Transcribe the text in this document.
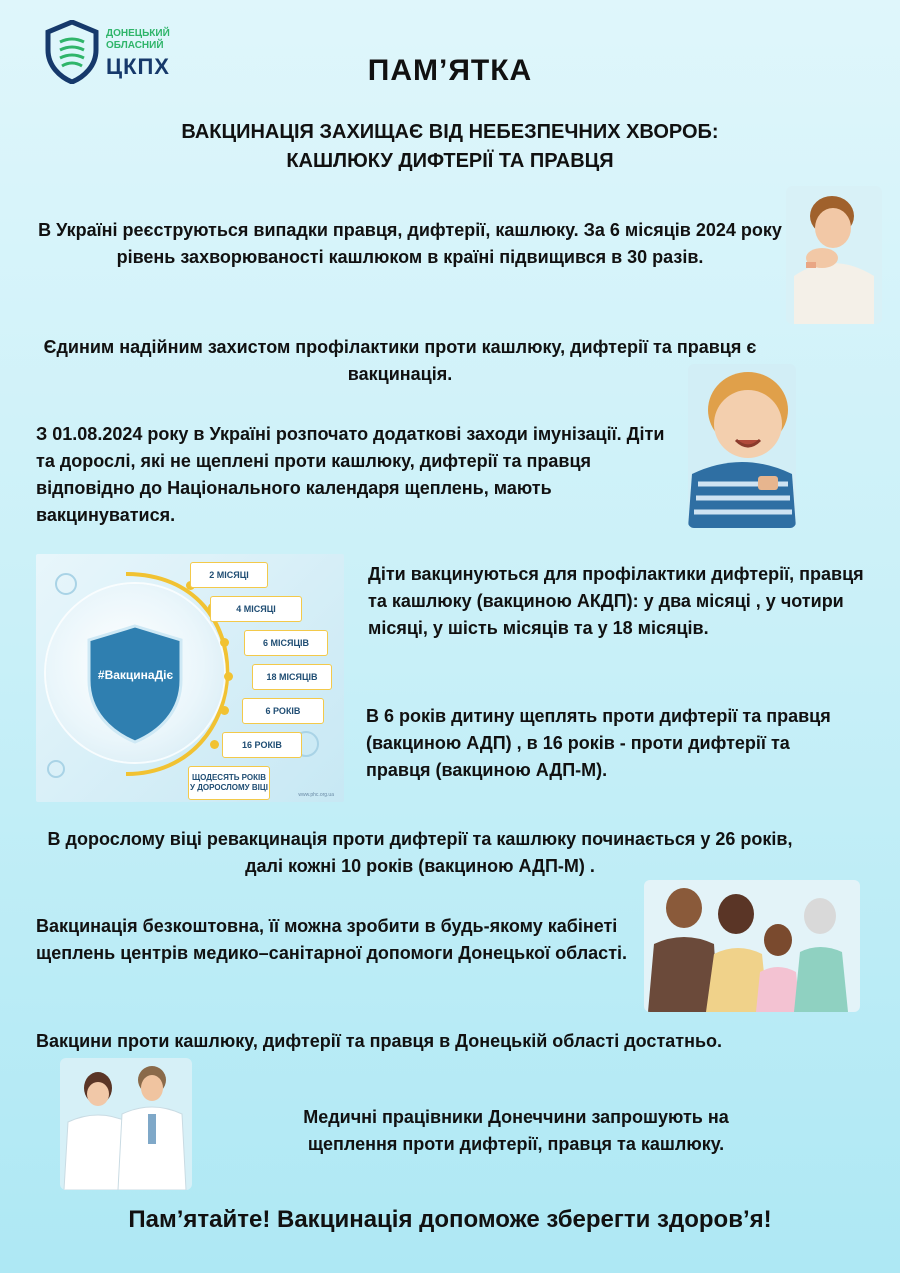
ДОНЕЦЬКИЙ ОБЛАСНИЙ
ЦКПХ	ПАМ’ЯТКА
ВАКЦИНАЦІЯ ЗАХИЩАЄ ВІД НЕБЕЗПЕЧНИХ ХВОРОБ:
КАШЛЮКУ ДИФТЕРІЇ ТА ПРАВЦЯ
В Україні реєструються випадки правця, дифтерії, кашлюку. За 6 місяців 2024 року рівень захворюваності кашлюком в країні підвищився в 30 разів.
Єдиним надійним захистом профілактики проти кашлюку, дифтерії та правця є вакцинація.
З 01.08.2024 року в Україні розпочато додаткові заходи імунізації. Діти та дорослі, які не щеплені проти кашлюку, дифтерії та правця відповідно до Національного календаря щеплень, мають вакцинуватися.
#ВакцинаДіє
2 МІСЯЦІ
4 МІСЯЦІ
6 МІСЯЦІВ
18 МІСЯЦІВ
6 РОКІВ
16 РОКІВ
ЩОДЕСЯТЬ РОКІВ У ДОРОСЛОМУ ВІЦІ
www.phc.org.ua
Діти вакцинуються для профілактики дифтерії, правця та кашлюку (вакциною АКДП): у два місяці , у чотири місяці, у шість місяців та у 18 місяців.
В 6 років дитину щеплять проти дифтерії та правця (вакциною АДП) , в 16 років - проти дифтерії та правця (вакциною АДП-М).
В дорослому віці ревакцинація проти дифтерії та кашлюку починається у 26 років, далі кожні 10 років (вакциною АДП-М) .
Вакцинація безкоштовна, її можна зробити в будь-якому кабінеті щеплень центрів медико–санітарної допомоги Донецької області.
Вакцини проти кашлюку, дифтерії та правця в Донецькій області достатньо.
Медичні працівники Донеччини запрошують на щеплення проти дифтерії, правця та кашлюку.
Пам’ятайте! Вакцинація допоможе зберегти здоров’я!
